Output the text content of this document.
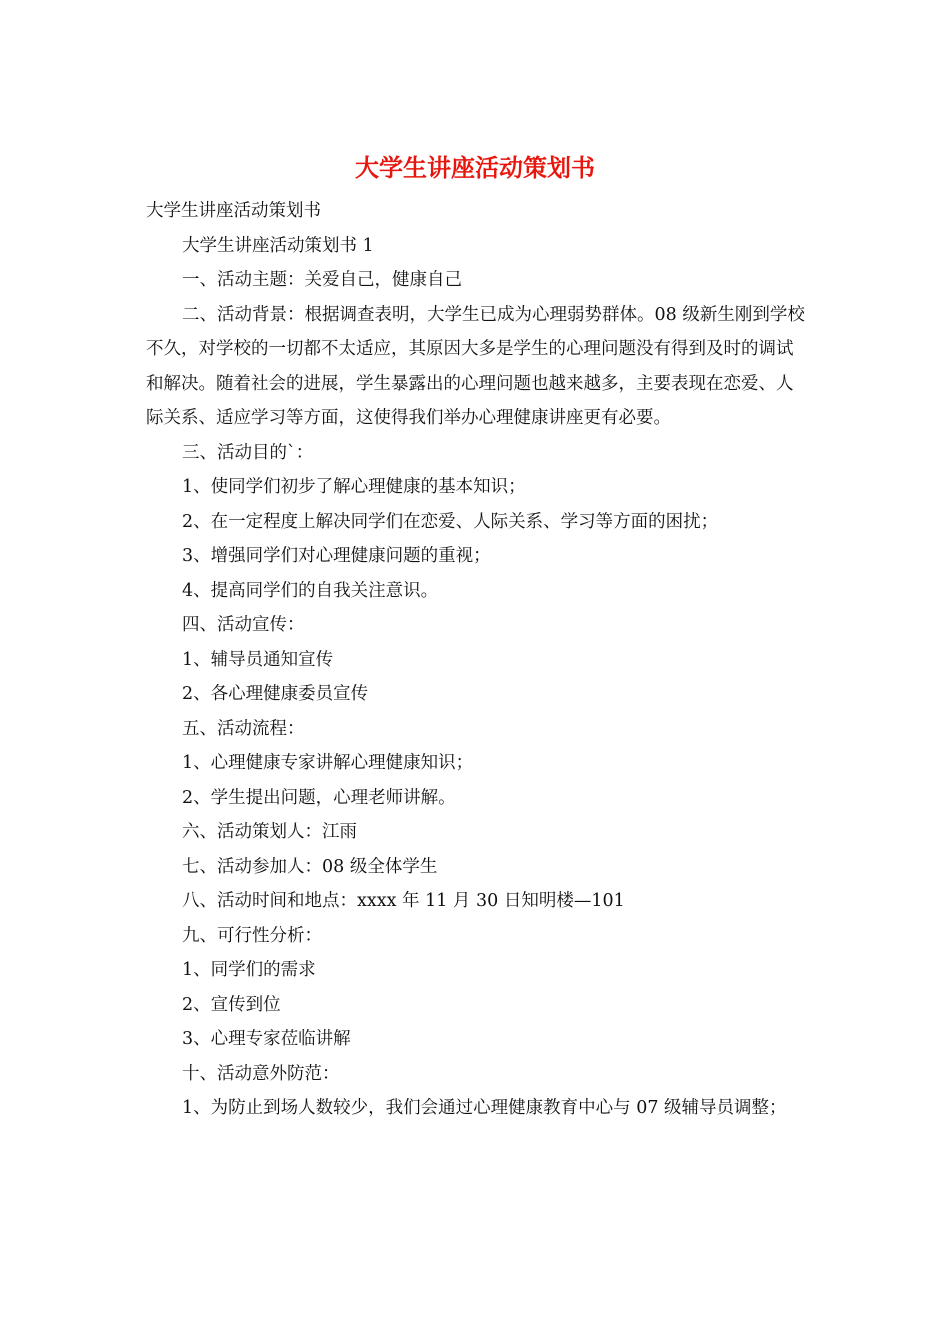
大学生讲座活动策划书

大学生讲座活动策划书

大学生讲座活动策划书 1

一、活动主题：关爱自己，健康自己

二、活动背景：根据调查表明，大学生已成为心理弱势群体。08 级新生刚到学校不久，对学校的一切都不太适应，其原因大多是学生的心理问题没有得到及时的调试和解决。随着社会的进展，学生暴露出的心理问题也越来越多，主要表现在恋爱、人际关系、适应学习等方面，这使得我们举办心理健康讲座更有必要。

三、活动目的`：

1、使同学们初步了解心理健康的基本知识；

2、在一定程度上解决同学们在恋爱、人际关系、学习等方面的困扰；

3、增强同学们对心理健康问题的重视；

4、提高同学们的自我关注意识。

四、活动宣传：

1、辅导员通知宣传

2、各心理健康委员宣传

五、活动流程：

1、心理健康专家讲解心理健康知识；

2、学生提出问题，心理老师讲解。

六、活动策划人：江雨

七、活动参加人：08 级全体学生

八、活动时间和地点：xxxx 年 11 月 30 日知明楼—101

九、可行性分析：

1、同学们的需求

2、宣传到位

3、心理专家莅临讲解

十、活动意外防范：

1、为防止到场人数较少，我们会通过心理健康教育中心与 07 级辅导员调整；
